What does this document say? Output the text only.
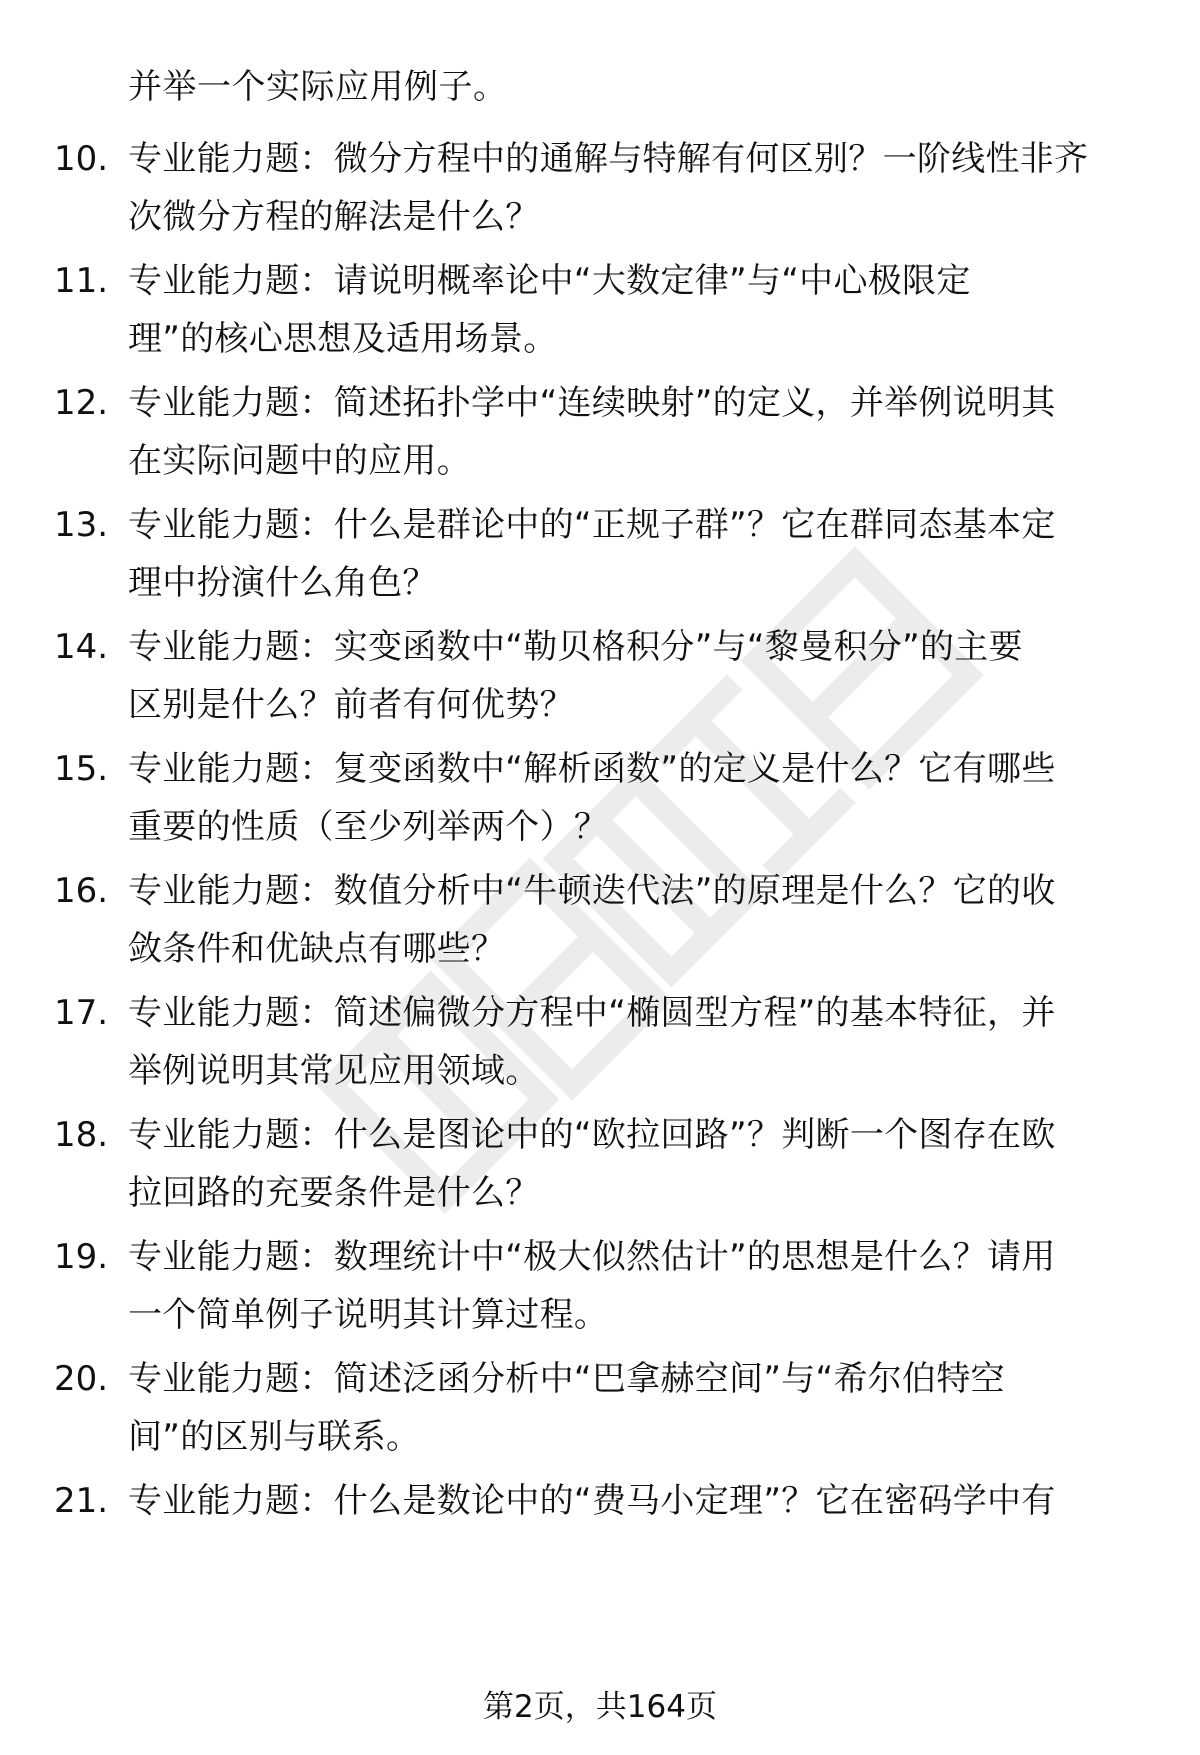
并举一个实际应用例子。
10. 专业能力题：微分方程中的通解与特解有何区别？一阶线性非齐
次微分方程的解法是什么？
11. 专业能力题：请说明概率论中“大数定律”与“中心极限定
理”的核心思想及适用场景。
12. 专业能力题：简述拓扑学中“连续映射”的定义，并举例说明其
在实际问题中的应用。
13. 专业能力题：什么是群论中的“正规子群”？它在群同态基本定
理中扮演什么角色？
14. 专业能力题：实变函数中“勒贝格积分”与“黎曼积分”的主要
区别是什么？前者有何优势？
15. 专业能力题：复变函数中“解析函数”的定义是什么？它有哪些
重要的性质（至少列举两个）？
16. 专业能力题：数值分析中“牛顿迭代法”的原理是什么？它的收
敛条件和优缺点有哪些？
17. 专业能力题：简述偏微分方程中“椭圆型方程”的基本特征，并
举例说明其常见应用领域。
18. 专业能力题：什么是图论中的“欧拉回路”？判断一个图存在欧
拉回路的充要条件是什么？
19. 专业能力题：数理统计中“极大似然估计”的思想是什么？请用
一个简单例子说明其计算过程。
20. 专业能力题：简述泛函分析中“巴拿赫空间”与“希尔伯特空
间”的区别与联系。
21. 专业能力题：什么是数论中的“费马小定理”？它在密码学中有
第2页，共164页
